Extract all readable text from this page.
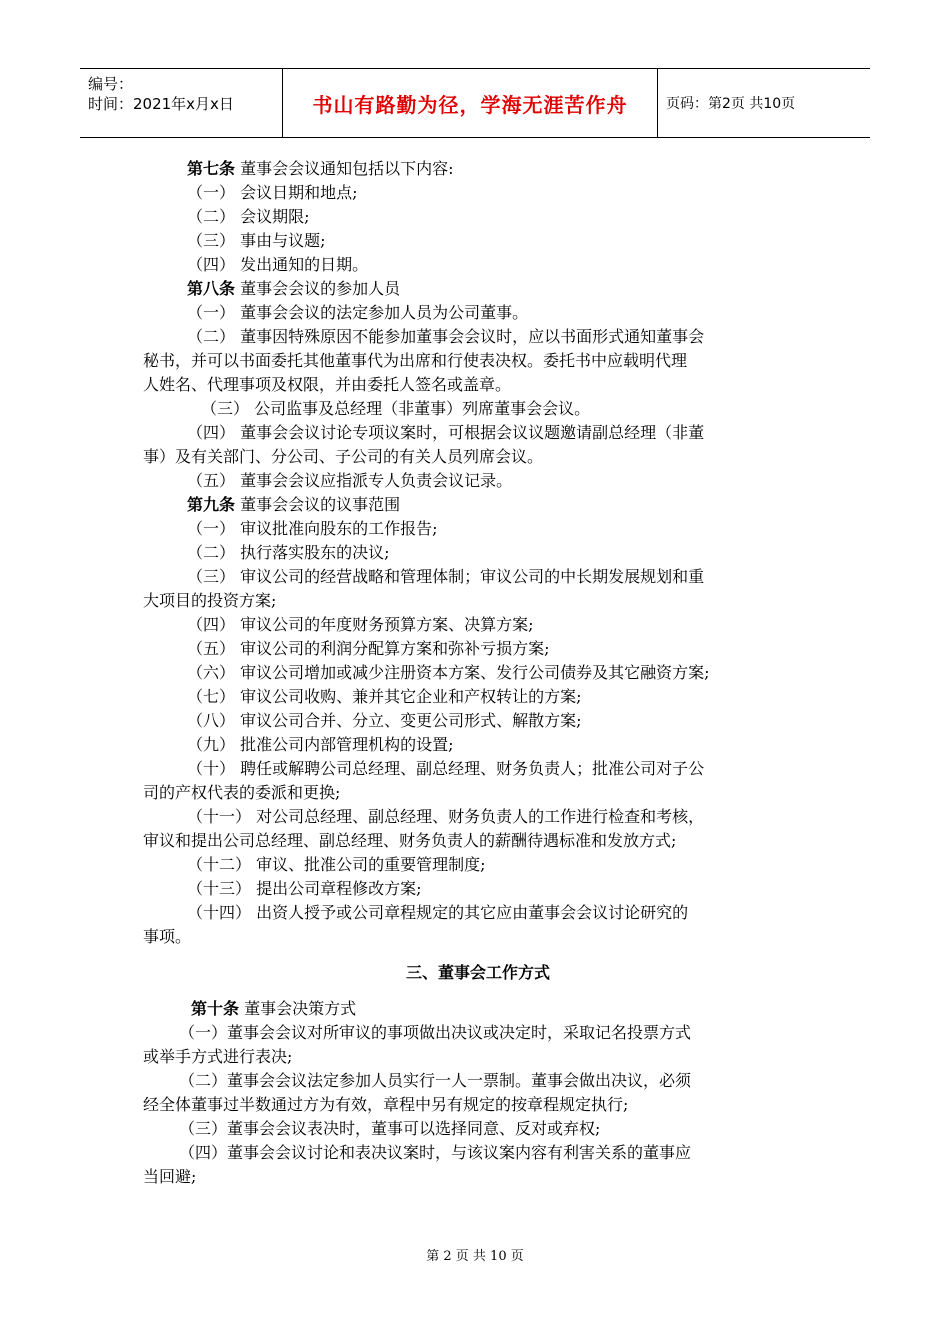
编号：
时间：2021年x月x日	书山有路勤为径，学海无涯苦作舟	页码：第2页 共10页

第七条 董事会会议通知包括以下内容:

（一） 会议日期和地点;

（二） 会议期限;

（三） 事由与议题;

（四） 发出通知的日期。

第八条 董事会会议的参加人员

（一） 董事会会议的法定参加人员为公司董事。

（二） 董事因特殊原因不能参加董事会会议时，应以书面形式通知董事会

秘书，并可以书面委托其他董事代为出席和行使表决权。委托书中应载明代理

人姓名、代理事项及权限，并由委托人签名或盖章。

（三） 公司监事及总经理（非董事）列席董事会会议。

（四） 董事会会议讨论专项议案时，可根据会议议题邀请副总经理（非董

事）及有关部门、分公司、子公司的有关人员列席会议。

（五） 董事会会议应指派专人负责会议记录。

第九条 董事会会议的议事范围

（一） 审议批准向股东的工作报告;

（二） 执行落实股东的决议;

（三） 审议公司的经营战略和管理体制；审议公司的中长期发展规划和重

大项目的投资方案;

（四） 审议公司的年度财务预算方案、决算方案;

（五） 审议公司的利润分配算方案和弥补亏损方案;

（六） 审议公司增加或减少注册资本方案、发行公司债券及其它融资方案;

（七） 审议公司收购、兼并其它企业和产权转让的方案;

（八） 审议公司合并、分立、变更公司形式、解散方案;

（九） 批准公司内部管理机构的设置;

（十） 聘任或解聘公司总经理、副总经理、财务负责人；批准公司对子公

司的产权代表的委派和更换;

（十一） 对公司总经理、副总经理、财务负责人的工作进行检查和考核，

审议和提出公司总经理、副总经理、财务负责人的薪酬待遇标准和发放方式;

（十二） 审议、批准公司的重要管理制度;

（十三） 提出公司章程修改方案;

（十四） 出资人授予或公司章程规定的其它应由董事会会议讨论研究的

事项。

三、董事会工作方式

第十条 董事会决策方式

（一）董事会会议对所审议的事项做出决议或决定时，采取记名投票方式

或举手方式进行表决;

（二）董事会会议法定参加人员实行一人一票制。董事会做出决议，必须

经全体董事过半数通过方为有效，章程中另有规定的按章程规定执行;

（三）董事会会议表决时，董事可以选择同意、反对或弃权;

（四）董事会会议讨论和表决议案时，与该议案内容有利害关系的董事应

当回避;

第 2 页 共 10 页
